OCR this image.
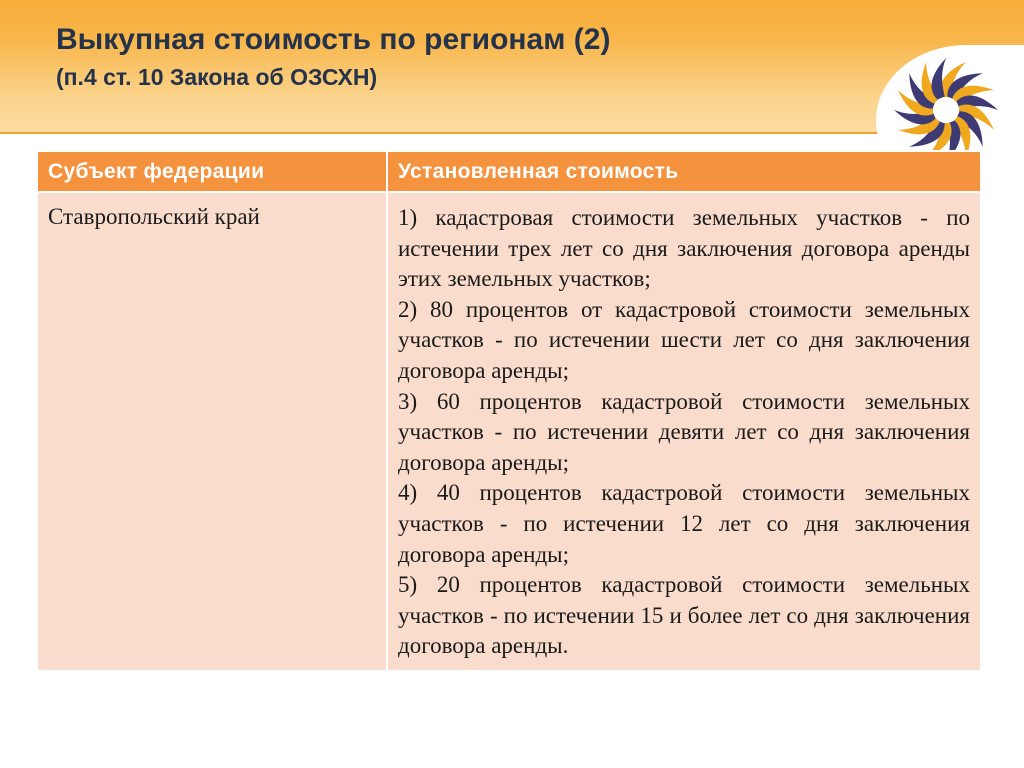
Выкупная стоимость по регионам (2)
(п.4 ст. 10 Закона об ОЗСХН)
Субъект федерации	Установленная стоимость
Ставропольский край	1) кадастровая стоимости земельных участков - по истечении трех лет со дня заключения договора аренды этих земельных участков;

2) 80 процентов от кадастровой стоимости земельных участков - по истечении шести лет со дня заключения договора аренды;

3) 60 процентов кадастровой стоимости земельных участков - по истечении девяти лет со дня заключения договора аренды;

4) 40 процентов кадастровой стоимости земельных участков - по истечении 12 лет со дня заключения договора аренды;

5) 20 процентов кадастровой стоимости земельных участков - по истечении 15 и более лет со дня заключения договора аренды.
